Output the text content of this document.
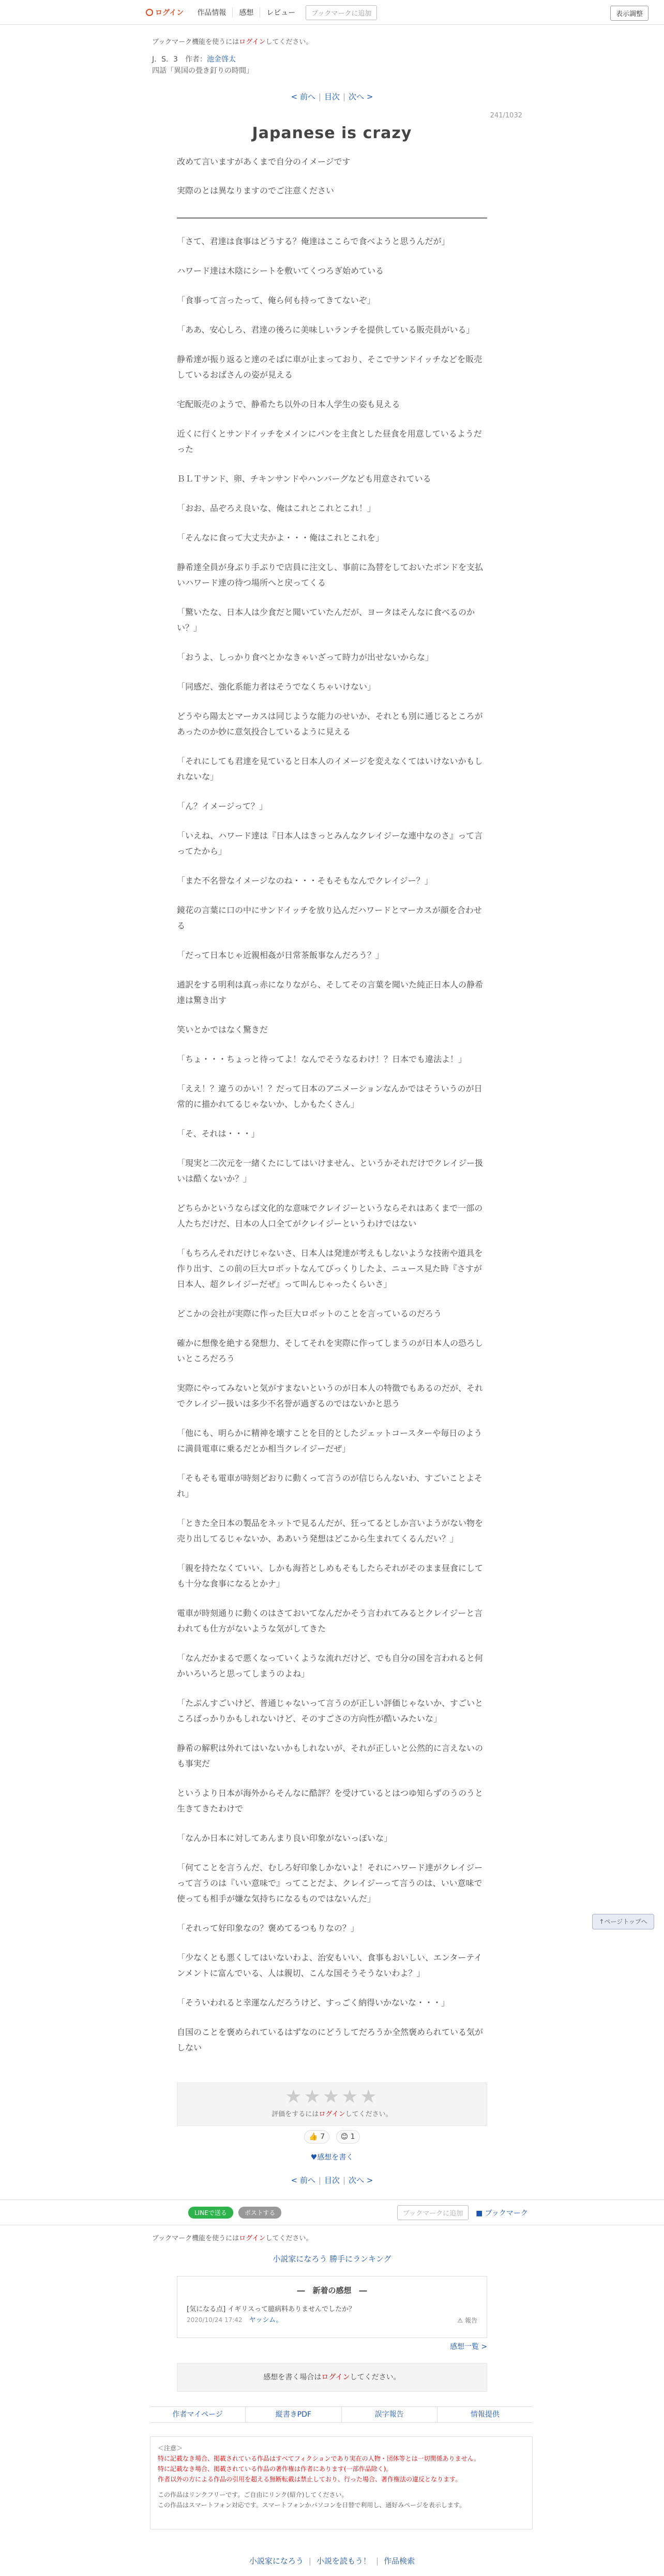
ログイン	作品情報	感想	レビュー	ブックマークに追加	表示調整
ブックマーク機能を使うにはログインしてください。
J．S．3　 作者：池金啓太
四話「異国の畳き釘りの時間」
< 前へ | 目次 | 次へ >
241/1032
Japanese is crazy

改めて言いますがあくまで自分のイメージです

実際のとは異なりますのでご注意ください

「さて、君達は食事はどうする？俺達はここらで食べようと思うんだが」

ハワード達は木陰にシートを敷いてくつろぎ始めている

「食事って言ったって、俺ら何も持ってきてないぞ」

「ああ、安心しろ、君達の後ろに美味しいランチを提供している販売員がいる」

静希達が振り返ると達のそばに車が止まっており、そこでサンドイッチなどを販売しているおばさんの姿が見える

宅配販売のようで、静希たち以外の日本人学生の姿も見える

近くに行くとサンドイッチをメインにパンを主食とした昼食を用意しているようだった

ＢＬＴサンド、卵、チキンサンドやハンバーグなども用意されている

「おお、品ぞろえ良いな、俺はこれとこれとこれ！」

「そんなに食って大丈夫かよ・・・俺はこれとこれを」

静希達全員が身ぶり手ぶりで店員に注文し、事前に為替をしておいたポンドを支払いハワード達の待つ場所へと戻ってくる

「驚いたな、日本人は少食だと聞いていたんだが、ヨータはそんなに食べるのかい？」

「おうよ、しっかり食べとかなきゃいざって時力が出せないからな」

「同感だ、強化系能力者はそうでなくちゃいけない」

どうやら陽太とマーカスは同じような能力のせいか、それとも別に通じるところがあったのか妙に意気投合しているように見える

「それにしても君達を見ていると日本人のイメージを変えなくてはいけないかもしれないな」

「ん？イメージって？」

「いえね、ハワード達は『日本人はきっとみんなクレイジーな連中なのさ』って言ってたから」

「また不名誉なイメージなのね・・・そもそもなんでクレイジー？」

鏡花の言葉に口の中にサンドイッチを放り込んだハワードとマーカスが顔を合わせる

「だって日本じゃ近親相姦が日常茶飯事なんだろう？」

通訳をする明利は真っ赤になりながら、そしてその言葉を聞いた純正日本人の静希達は驚き出す

笑いとかではなく驚きだ

「ちょ・・・ちょっと待ってよ！なんでそうなるわけ！？日本でも違法よ！」

「ええ！？違うのかい！？だって日本のアニメーションなんかではそういうのが日常的に描かれてるじゃないか、しかもたくさん」

「そ、それは・・・」

「現実と二次元を一緒くたにしてはいけません、というかそれだけでクレイジー扱いは酷くないか？」

どちらかというならば文化的な意味でクレイジーというならそれはあくまで一部の人たちだけだ、日本の人口全てがクレイジーというわけではない

「もちろんそれだけじゃないさ、日本人は発達が考えもしないような技術や道具を作り出す、この前の巨大ロボットなんてびっくりしたよ、ニュース見た時『さすが日本人、超クレイジーだぜ』って叫んじゃったくらいさ」

どこかの会社が実際に作った巨大ロボットのことを言っているのだろう

確かに想像を絶する発想力、そしてそれを実際に作ってしまうのが日本人の恐ろしいところだろう

実際にやってみないと気がすまないというのが日本人の特徴でもあるのだが、それでクレイジー扱いは多少不名誉が過ぎるのではないかと思う

「他にも、明らかに精神を壊すことを目的としたジェットコースターや毎日のように満員電車に乗るだとか相当クレイジーだぜ」

「そもそも電車が時刻どおりに動くって言うのが信じらんないわ、すごいことよそれ」

「ときた全日本の製品をネットで見るんだが、狂ってるとしか言いようがない物を売り出してるじゃないか、ああいう発想はどこから生まれてくるんだい？」

「親を持たなくていい、しかも海苔としめもそもしたらそれがそのまま昼食にしても十分な食事になるとかナ」

電車が時刻通りに動くのはさておいてなんだかそう言われてみるとクレイジーと言われても仕方がないような気がしてきた

「なんだかまるで悪くなっていくような流れだけど、でも自分の国を言われると何かいろいろと思ってしまうのよね」

「たぶんすごいけど、普通じゃないって言うのが正しい評価じゃないか、すごいところばっかりかもしれないけど、そのすごさの方向性が酷いみたいな」

静希の解釈は外れてはいないかもしれないが、それが正しいと公然的に言えないのも事実だ

というより日本が海外からそんなに酷評？を受けているとはつゆ知らずのうのうと生きてきたわけで

「なんか日本に対してあんまり良い印象がないっぽいな」

「何てことを言うんだ、むしろ好印象しかないよ！それにハワード達がクレイジーって言うのは『いい意味で』ってことだよ、クレイジーって言うのは、いい意味で使っても相手が嫌な気持ちになるものではないんだ」

「それって好印象なの？褒めてるつもりなの？」

「少なくとも悪くしてはいないわよ、治安もいい、食事もおいしい、エンターテインメントに富んでいる、人は親切、こんな国そうそうないわよ？」

「そういわれると幸運なんだろうけど、すっごく納得いかないな・・・」

自国のことを褒められているはずなのにどうしてだろうか全然褒められている気がしない

↑ページトップへ
★★★★★
評価をするにはログインしてください。
👍 7 😊 1
♥感想を書く
< 前へ | 目次 | 次へ >
LINEで送る	ポストする	ブックマークに追加	■ ブックマーク
ブックマーク機能を使うにはログインしてください。
小説家になろう 勝手にランキング
―　新着の感想　―
[気になる点] イギリスって臆病料ありませんでしたか？
2020/10/24 17:42　 ヤッシム。	⚠ 報告
感想一覧 >
感想を書く場合はログインしてください。
作者マイページ	縦書きPDF	誤字報告	情報提供
＜注意＞
特に記載なき場合、掲載されている作品はすべてフィクションであり実在の人物・団体等とは一切関係ありません。
特に記載なき場合、掲載されている作品の著作権は作者にあります(一部作品除く)。
作者以外の方による作品の引用を超える無断転載は禁止しており、行った場合、著作権法の違反となります。
この作品はリンクフリーです。ご自由にリンク(紹介)してください。
この作品はスマートフォン対応です。スマートフォンかパソコンを日替で利用し、通好みページを表示します。
小説家になろう | 小説を読もう！ | 作品検索
